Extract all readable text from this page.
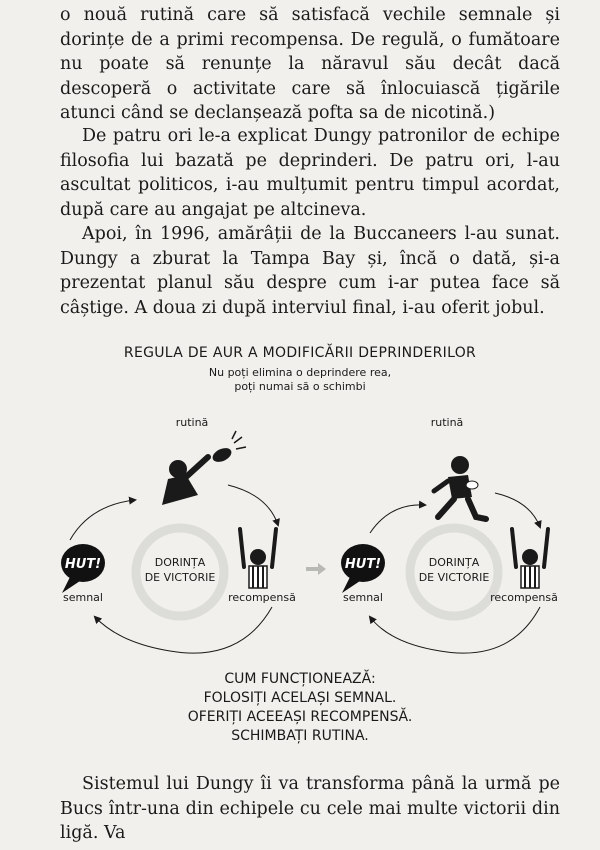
o nouă rutină care să satisfacă vechile semnale și dorințe de a primi recompensa. De regulă, o fumătoare nu poate să renunțe la năravul său decât dacă descoperă o activitate care să înlocuiască țigările atunci când se declanșează pofta sa de nicotină.)

De patru ori le-a explicat Dungy patronilor de echipe filosofia lui bazată pe deprinderi. De patru ori, l-au ascultat politicos, i-au mulțumit pentru timpul acordat, după care au angajat pe altcineva.

Apoi, în 1996, amărâții de la Buccaneers l-au sunat. Dungy a zburat la Tampa Bay și, încă o dată, și-a prezentat planul său despre cum i-ar putea face să câștige. A doua zi după interviul final, i-au oferit jobul.

REGULA DE AUR A MODIFICĂRII DEPRINDERILOR
Nu poți elimina o deprindere rea,
poți numai să o schimbi
DORINȚA
DE VICTORIE
rutină
HUT!
semnal	recompensă
DORINȚA
DE VICTORIE
rutină
HUT!
semnal	recompensă
CUM FUNCȚIONEAZĂ:
FOLOSIȚI ACELAȘI SEMNAL.
OFERIȚI ACEEAȘI RECOMPENSĂ.
SCHIMBAȚI RUTINA.

Sistemul lui Dungy îi va transforma până la urmă pe Bucs într-una din echipele cu cele mai multe victorii din ligă. Va
